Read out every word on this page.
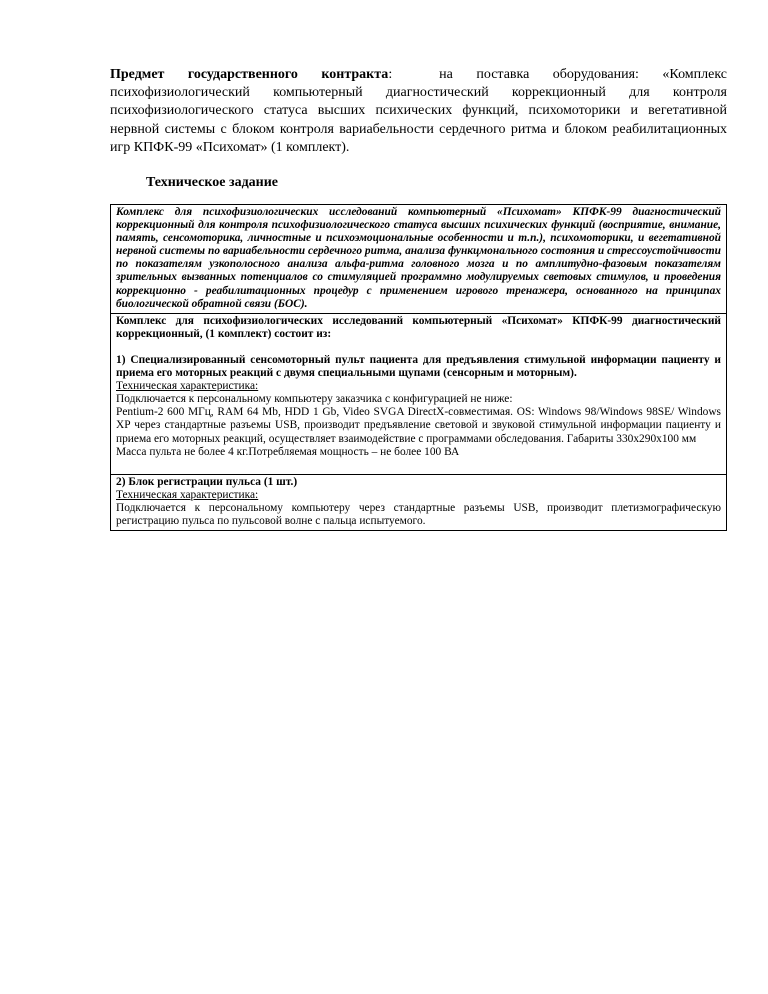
Предмет государственного контракта:  на поставка оборудования: «Комплекс психофизиологический компьютерный диагностический коррекционный для контроля психофизиологического статуса высших психических функций, психомоторики и вегетативной нервной системы с блоком контроля вариабельности сердечного ритма и блоком реабилитационных игр КПФК-99 «Психомат» (1 комплект).

Техническое задание

Комплекс для психофизиологических исследований компьютерный «Психомат» КПФК-99 диагностический коррекционный для контроля психофизиологического статуса высших психических функций (восприятие, внимание, память, сенсомоторика, личностные и психоэмоциональные особенности и т.п.), психомоторики, и вегетативной нервной системы по вариабельности сердечного ритма, анализа функцмонального состояния и стрессоустойчивости по показателям узкополосного анализа альфа-ритма головного мозга и по амплитудно-фазовым показателям зрительных вызванных потенциалов со стимуляцией программно модулируемых световых стимулов, и проведения коррекционно - реабилитационных процедур с применением игрового тренажера, основанного на принципах биологической обратной связи (БОС).

Комплекс для психофизиологических исследований компьютерный «Психомат» КПФК-99 диагностический коррекционный, (1 комплект) состоит из:

1) Специализированный сенсомоторный пульт пациента для предъявления стимульной информации пациенту и приема его моторных реакций с двумя специальными щупами (сенсорным и моторным).

Техническая характеристика:

Подключается к персональному компьютеру заказчика с конфигурацией не ниже:

Pentium-2 600 МГц, RAM 64 Mb, HDD 1 Gb, Video SVGA DirectX-совместимая. OS: Windows 98/Windows 98SE/ Windows XP через стандартные разъемы USB, производит предъявление световой и звуковой стимульной информации пациенту и приема его моторных реакций, осуществляет взаимодействие с программами обследования. Габариты 330х290х100 мм

Масса пульта не более 4 кг.Потребляемая мощность – не более 100 ВА

2) Блок регистрации пульса (1 шт.)

Техническая характеристика:

Подключается к персональному компьютеру через стандартные разъемы USB, производит плетизмографическую регистрацию пульса по пульсовой волне с пальца испытуемого.
